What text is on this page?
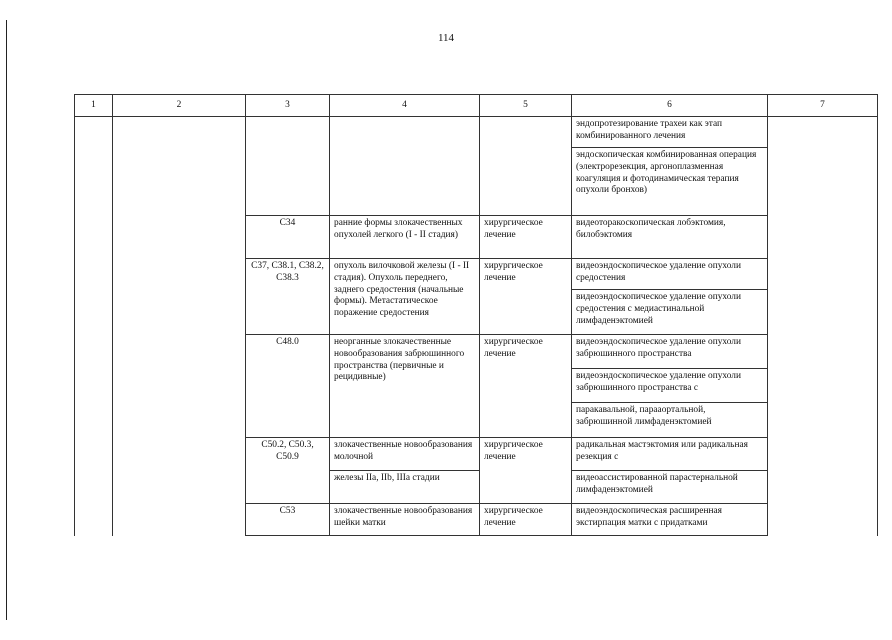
114
1	2	3	4	5	6	7
					эндопротезирование трахеи как этап комбинированного лечения	
					эндоскопическая комбинированная операция (электрорезекция, аргоноплазменная коагуляция и фотодинамическая терапия опухоли бронхов)	
		C34	ранние формы злокачественных опухолей легкого (I - II стадия)	хирургическое лечение	видеоторакоскопическая лобэктомия, билобэктомия	
		C37, C38.1, C38.2, C38.3	опухоль вилочковой железы (I - II стадия). Опухоль переднего, заднего средостения (начальные формы). Метастатическое поражение средостения	хирургическое лечение	видеоэндоскопическое удаление опухоли средостения	
					видеоэндоскопическое удаление опухоли средостения с медиастинальной лимфаденэктомией	
		C48.0	неорганные злокачественные новообразования забрюшинного пространства (первичные и рецидивные)	хирургическое лечение	видеоэндоскопическое удаление опухоли забрюшинного пространства	
					видеоэндоскопическое удаление опухоли забрюшинного пространства с	
					паракавальной, парааортальной, забрюшинной лимфаденэктомией	
		C50.2, C50.3, C50.9	злокачественные новообразования молочной	хирургическое лечение	радикальная мастэктомия или радикальная резекция с	
			железы IIa, IIb, IIIa стадии		видеоассистированной парастернальной лимфаденэктомией	
		C53	злокачественные новообразования шейки матки	хирургическое лечение	видеоэндоскопическая расширенная экстирпация матки с придатками	
